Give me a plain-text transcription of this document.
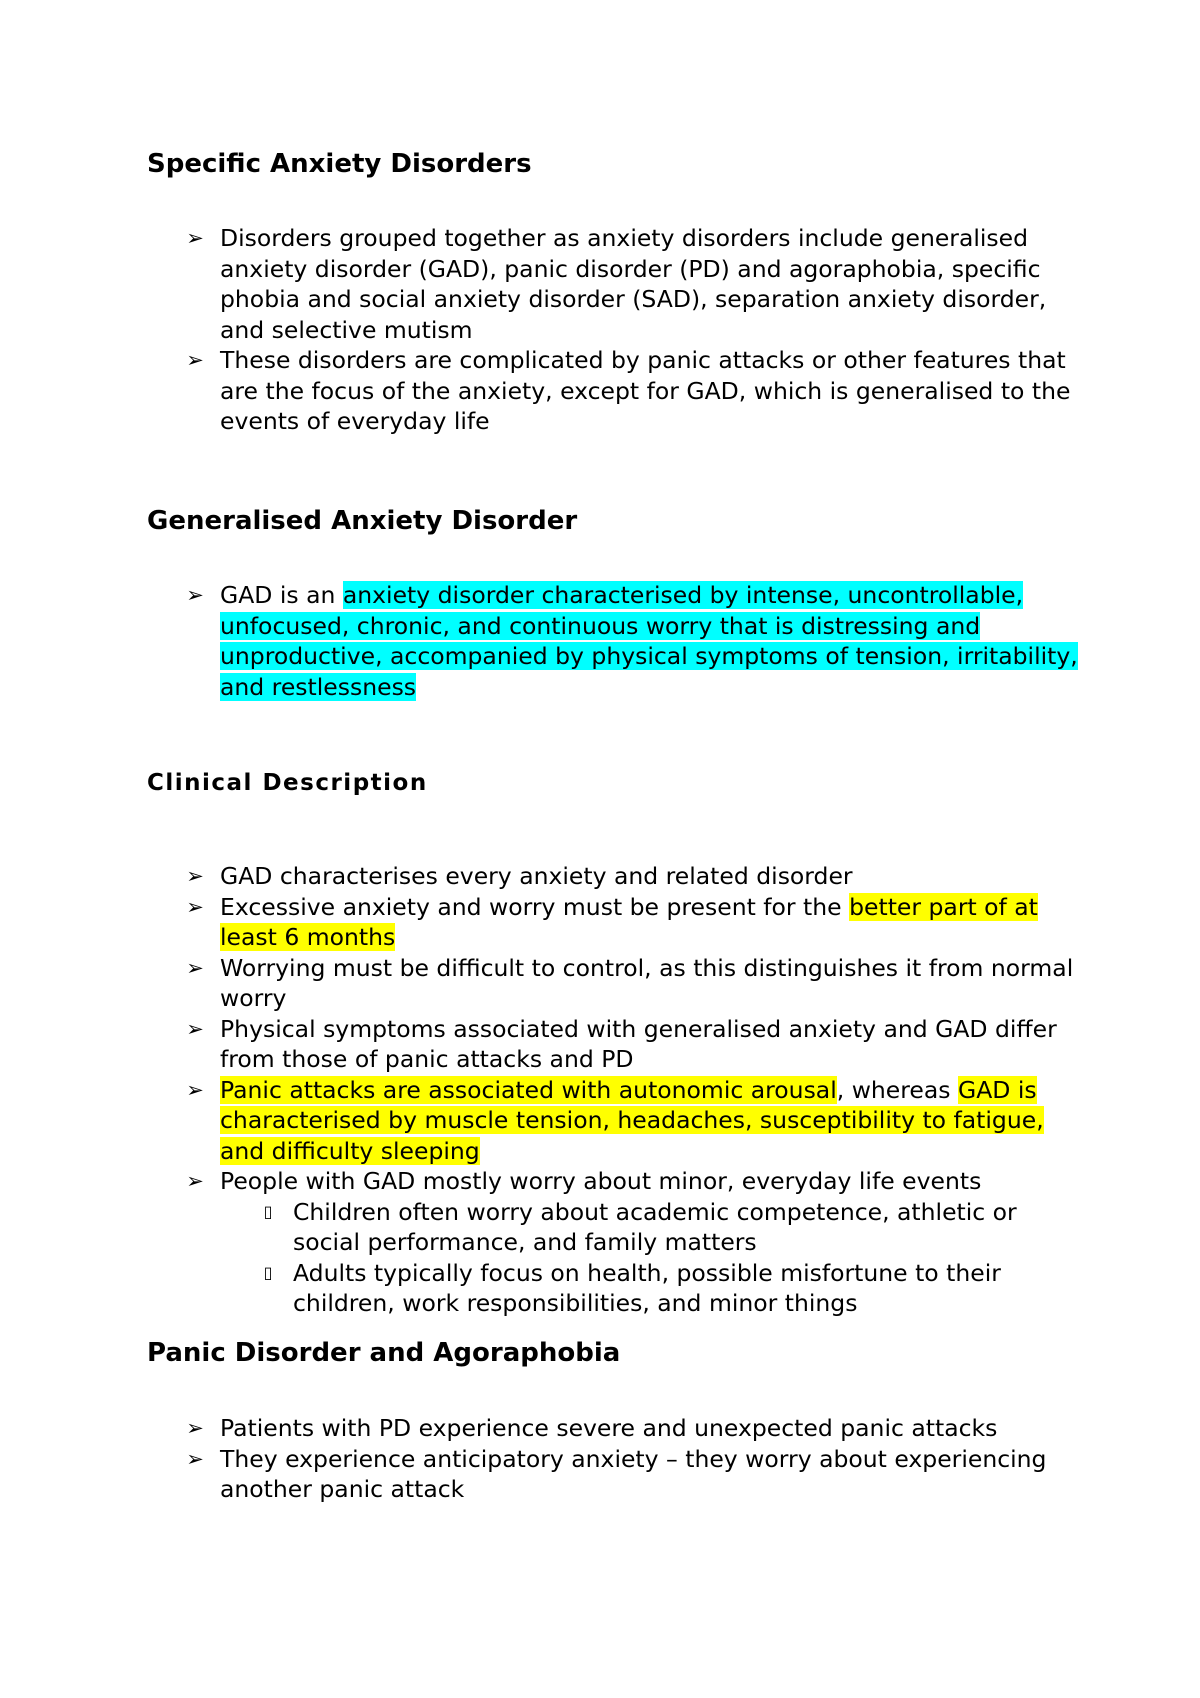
Specific Anxiety Disorders
➢ Disorders grouped together as anxiety disorders include generalised anxiety disorder (GAD), panic disorder (PD) and agoraphobia, specific phobia and social anxiety disorder (SAD), separation anxiety disorder, and selective mutism
➢ These disorders are complicated by panic attacks or other features that are the focus of the anxiety, except for GAD, which is generalised to the events of everyday life
Generalised Anxiety Disorder
➢ GAD is an anxiety disorder characterised by intense, uncontrollable, unfocused, chronic, and continuous worry that is distressing and unproductive, accompanied by physical symptoms of tension, irritability, and restlessness
Clinical Description
➢ GAD characterises every anxiety and related disorder
➢ Excessive anxiety and worry must be present for the better part of at least 6 months
➢ Worrying must be difficult to control, as this distinguishes it from normal worry
➢ Physical symptoms associated with generalised anxiety and GAD differ from those of panic attacks and PD
➢ Panic attacks are associated with autonomic arousal, whereas GAD is characterised by muscle tension, headaches, susceptibility to fatigue, and difficulty sleeping
➢ People with GAD mostly worry about minor, everyday life events
▯ Children often worry about academic competence, athletic or social performance, and family matters
▯ Adults typically focus on health, possible misfortune to their children, work responsibilities, and minor things
Panic Disorder and Agoraphobia
➢ Patients with PD experience severe and unexpected panic attacks
➢ They experience anticipatory anxiety – they worry about experiencing another panic attack
